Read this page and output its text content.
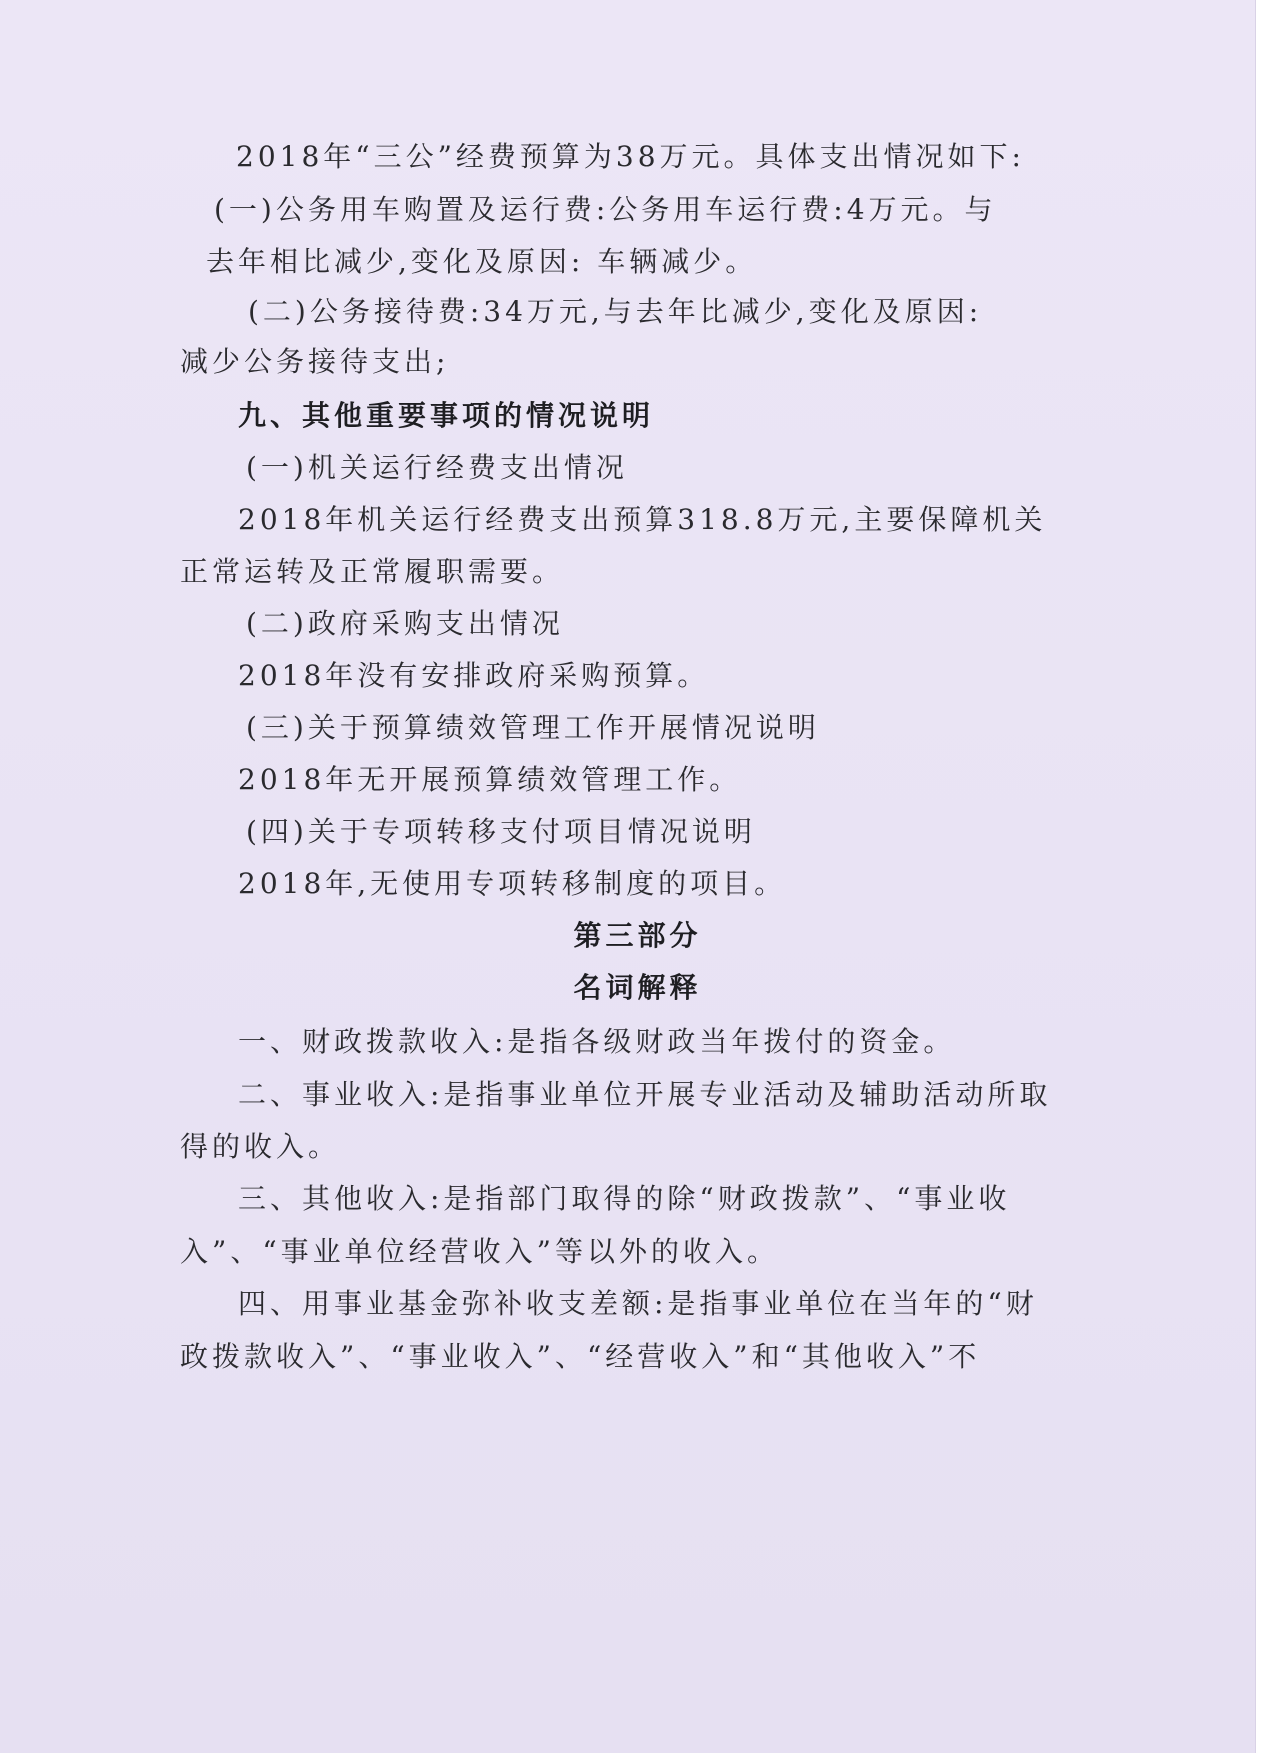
2018年“三公”经费预算为38万元。具体支出情况如下:
(一)公务用车购置及运行费:公务用车运行费:4万元。与
去年相比减少,变化及原因: 车辆减少。
(二)公务接待费:34万元,与去年比减少,变化及原因:
减少公务接待支出;
九、其他重要事项的情况说明
(一)机关运行经费支出情况
2018年机关运行经费支出预算318.8万元,主要保障机关
正常运转及正常履职需要。
(二)政府采购支出情况
2018年没有安排政府采购预算。
(三)关于预算绩效管理工作开展情况说明
2018年无开展预算绩效管理工作。
(四)关于专项转移支付项目情况说明
2018年,无使用专项转移制度的项目。
第三部分
名词解释
一、财政拨款收入:是指各级财政当年拨付的资金。
二、事业收入:是指事业单位开展专业活动及辅助活动所取
得的收入。
三、其他收入:是指部门取得的除“财政拨款”、“事业收
入”、“事业单位经营收入”等以外的收入。
四、用事业基金弥补收支差额:是指事业单位在当年的“财
政拨款收入”、“事业收入”、“经营收入”和“其他收入”不
